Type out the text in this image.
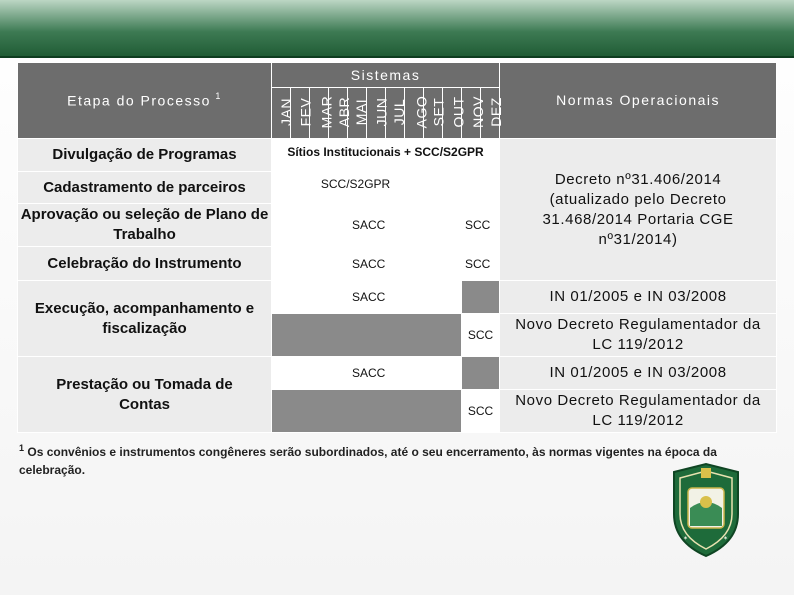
Etapa do Processo $^1$	Sistemas												Normas Operacionais
	JAN	FEV	MAR	ABR	MAI	JUN	JUL	AGO	SET	OUT	NOV	DEZ	
Divulgação de Programas	Sítios Institucionais + SCC/S2GPR												Decreto nº31.406/2014 (atualizado pelo Decreto 31.468/2014 Portaria CGE nº31/2014)
Cadastramento de parceiros	SCC/S2GPR												
Aprovação ou seleção de Plano de Trabalho	SACC										SCC		
Celebração do Instrumento	SACC										SCC		
Execução, acompanhamento e fiscalização	SACC												IN 01/2005 e IN 03/2008
											SCC		Novo Decreto Regulamentador da LC 119/2012
Prestação ou Tomada de Contas	SACC												IN 01/2005 e IN 03/2008
											SCC		Novo Decreto Regulamentador da LC 119/2012
$^1$ Os convênios e instrumentos congêneres serão subordinados, até o seu encerramento, às normas vigentes na época da celebração.
✶	✶
